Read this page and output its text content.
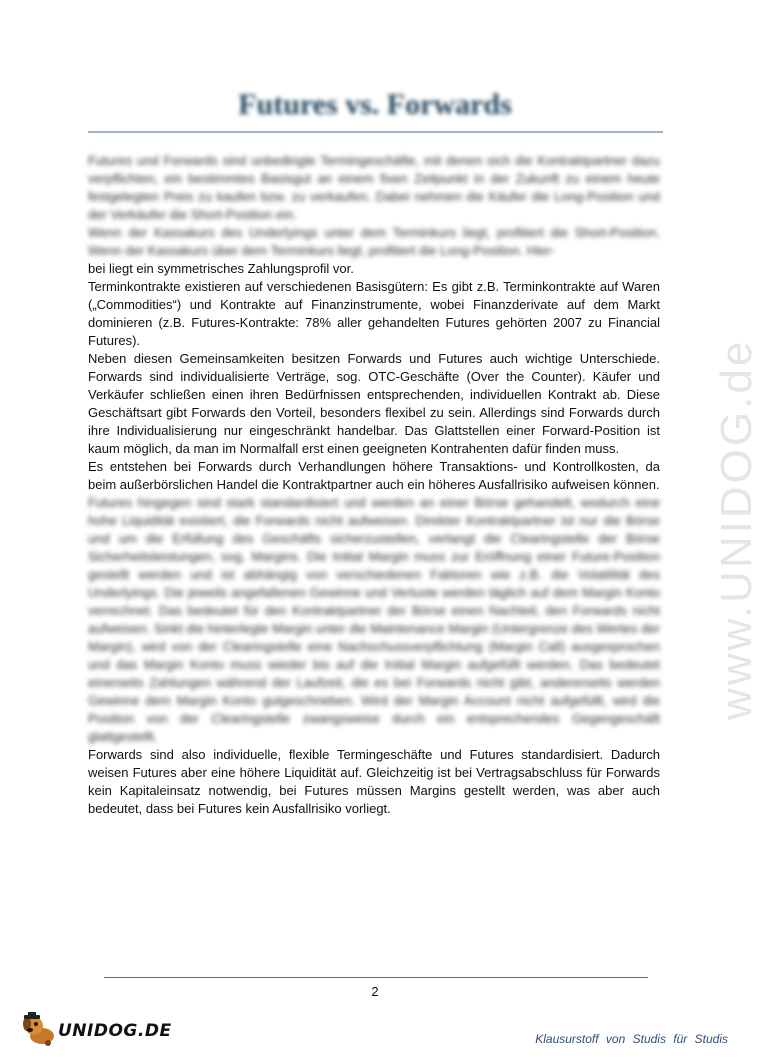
Futures vs. Forwards

Futures und Forwards sind unbedingte Termingeschäfte, mit denen sich die Kontraktpartner dazu verpflichten, ein bestimmtes Basisgut an einem fixen Zeitpunkt in der Zukunft zu einem heute festgelegten Preis zu kaufen bzw. zu verkaufen. Dabei nehmen die Käufer die Long-Position und der Verkäufer die Short-Position ein.

Wenn der Kassakurs des Underlyings unter dem Terminkurs liegt, profitiert die Short-Position. Wenn der Kassakurs über dem Terminkurs liegt, profitiert die Long-Position. Hier-

bei liegt ein symmetrisches Zahlungsprofil vor.

Terminkontrakte existieren auf verschiedenen Basisgütern: Es gibt z.B. Terminkontrakte auf Waren („Commodities“) und Kontrakte auf Finanzinstrumente, wobei Finanzderivate auf dem Markt dominieren (z.B. Futures-Kontrakte: 78% aller gehandelten Futures gehörten 2007 zu Financial Futures).

Neben diesen Gemeinsamkeiten besitzen Forwards und Futures auch wichtige Unterschiede. Forwards sind individualisierte Verträge, sog. OTC-Geschäfte (Over the Counter). Käufer und Verkäufer schließen einen ihren Bedürfnissen entsprechenden, individuellen Kontrakt ab. Diese Geschäftsart gibt Forwards den Vorteil, besonders flexibel zu sein. Allerdings sind Forwards durch ihre Individualisierung nur eingeschränkt handelbar. Das Glattstellen einer Forward-Position ist kaum möglich, da man im Normalfall erst einen geeigneten Kontrahenten dafür finden muss.

Es entstehen bei Forwards durch Verhandlungen höhere Transaktions- und Kontrollkosten, da beim außerbörslichen Handel die Kontraktpartner auch ein höheres Ausfallrisiko aufweisen können.

Futures hingegen sind stark standardisiert und werden an einer Börse gehandelt, wodurch eine hohe Liquidität existiert, die Forwards nicht aufweisen. Direkter Kontraktpartner ist nur die Börse und um die Erfüllung des Geschäfts sicherzustellen, verlangt die Clearingstelle der Börse Sicherheitsleistungen, sog. Margins. Die Initial Margin muss zur Eröffnung einer Future-Position gestellt werden und ist abhängig von verschiedenen Faktoren wie z.B. die Volatilität des Underlyings. Die jeweils angefallenen Gewinne und Verluste werden täglich auf dem Margin Konto verrechnet. Das bedeutet für den Kontraktpartner der Börse einen Nachteil, den Forwards nicht aufweisen. Sinkt die hinterlegte Margin unter die Maintenance Margin (Untergrenze des Wertes der Margin), wird von der Clearingstelle eine Nachschussverpflichtung (Margin Call) ausgesprochen und das Margin Konto muss wieder bis auf die Initial Margin aufgefüllt werden. Das bedeutet einerseits Zahlungen während der Laufzeit, die es bei Forwards nicht gibt, andererseits werden Gewinne dem Margin Konto gutgeschrieben. Wird der Margin Account nicht aufgefüllt, wird die Position von der Clearingstelle zwangsweise durch ein entsprechendes Gegengeschäft glattgestellt.

Forwards sind also individuelle, flexible Termingeschäfte und Futures standardisiert. Dadurch weisen Futures aber eine höhere Liquidität auf. Gleichzeitig ist bei Vertragsabschluss für Forwards kein Kapitaleinsatz notwendig, bei Futures müssen Margins gestellt werden, was aber auch bedeutet, dass bei Futures kein Ausfallrisiko vorliegt.

www.UNIDOG.de
2
UNIDOG.DE	Klausurstoff von Studis für Studis
